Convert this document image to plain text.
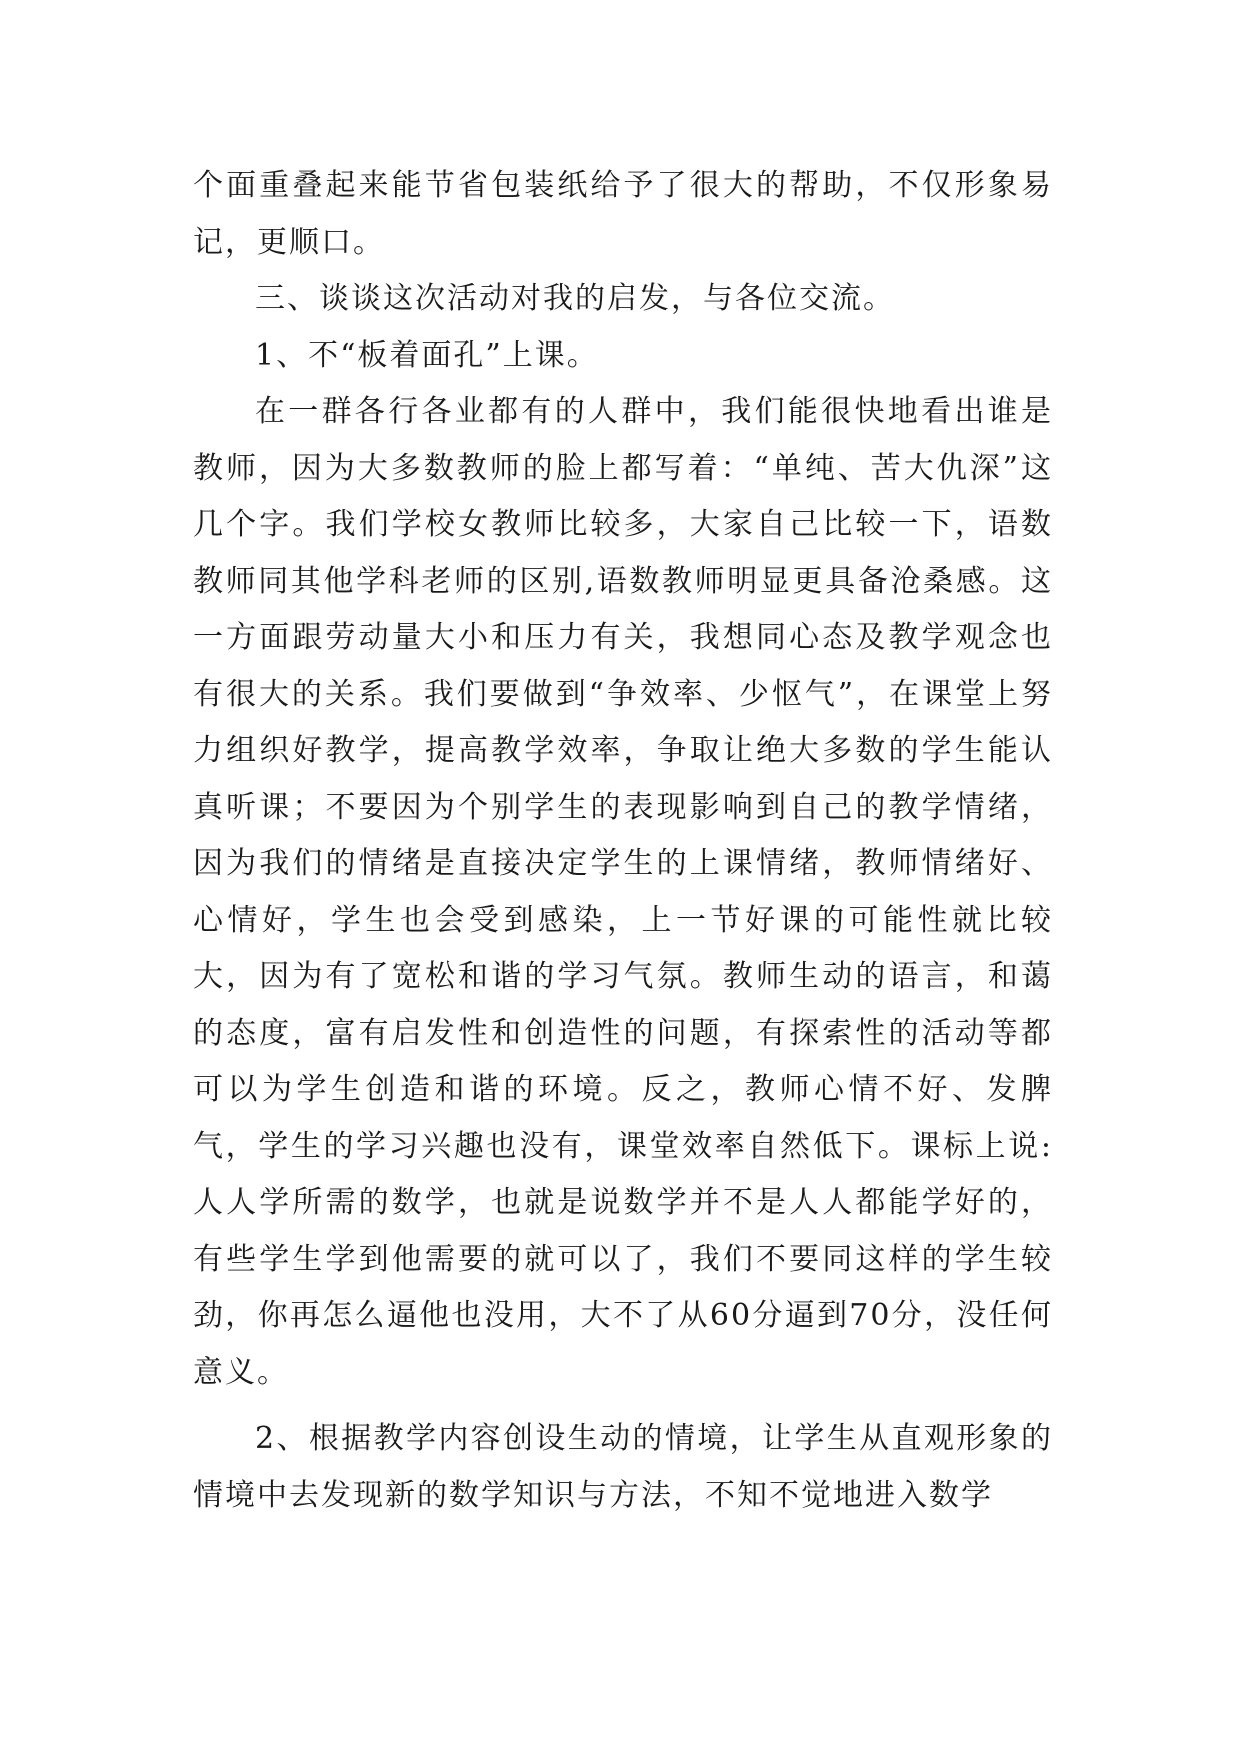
个面重叠起来能节省包装纸给予了很大的帮助，不仅形象易记，更顺口。

三、谈谈这次活动对我的启发，与各位交流。

1、不“板着面孔”上课。

在一群各行各业都有的人群中，我们能很快地看出谁是教师，因为大多数教师的脸上都写着：“单纯、苦大仇深”这几个字。我们学校女教师比较多，大家自己比较一下，语数教师同其他学科老师的区别,语数教师明显更具备沧桑感。这一方面跟劳动量大小和压力有关，我想同心态及教学观念也有很大的关系。我们要做到“争效率、少怄气”，在课堂上努力组织好教学，提高教学效率，争取让绝大多数的学生能认真听课；不要因为个别学生的表现影响到自己的教学情绪，因为我们的情绪是直接决定学生的上课情绪，教师情绪好、心情好，学生也会受到感染，上一节好课的可能性就比较大，因为有了宽松和谐的学习气氛。教师生动的语言，和蔼的态度，富有启发性和创造性的问题，有探索性的活动等都可以为学生创造和谐的环境。反之，教师心情不好、发脾气，学生的学习兴趣也没有，课堂效率自然低下。课标上说:人人学所需的数学，也就是说数学并不是人人都能学好的，有些学生学到他需要的就可以了，我们不要同这样的学生较劲，你再怎么逼他也没用，大不了从60分逼到70分，没任何意义。

2、根据教学内容创设生动的情境，让学生从直观形象的情境中去发现新的数学知识与方法，不知不觉地进入数学
